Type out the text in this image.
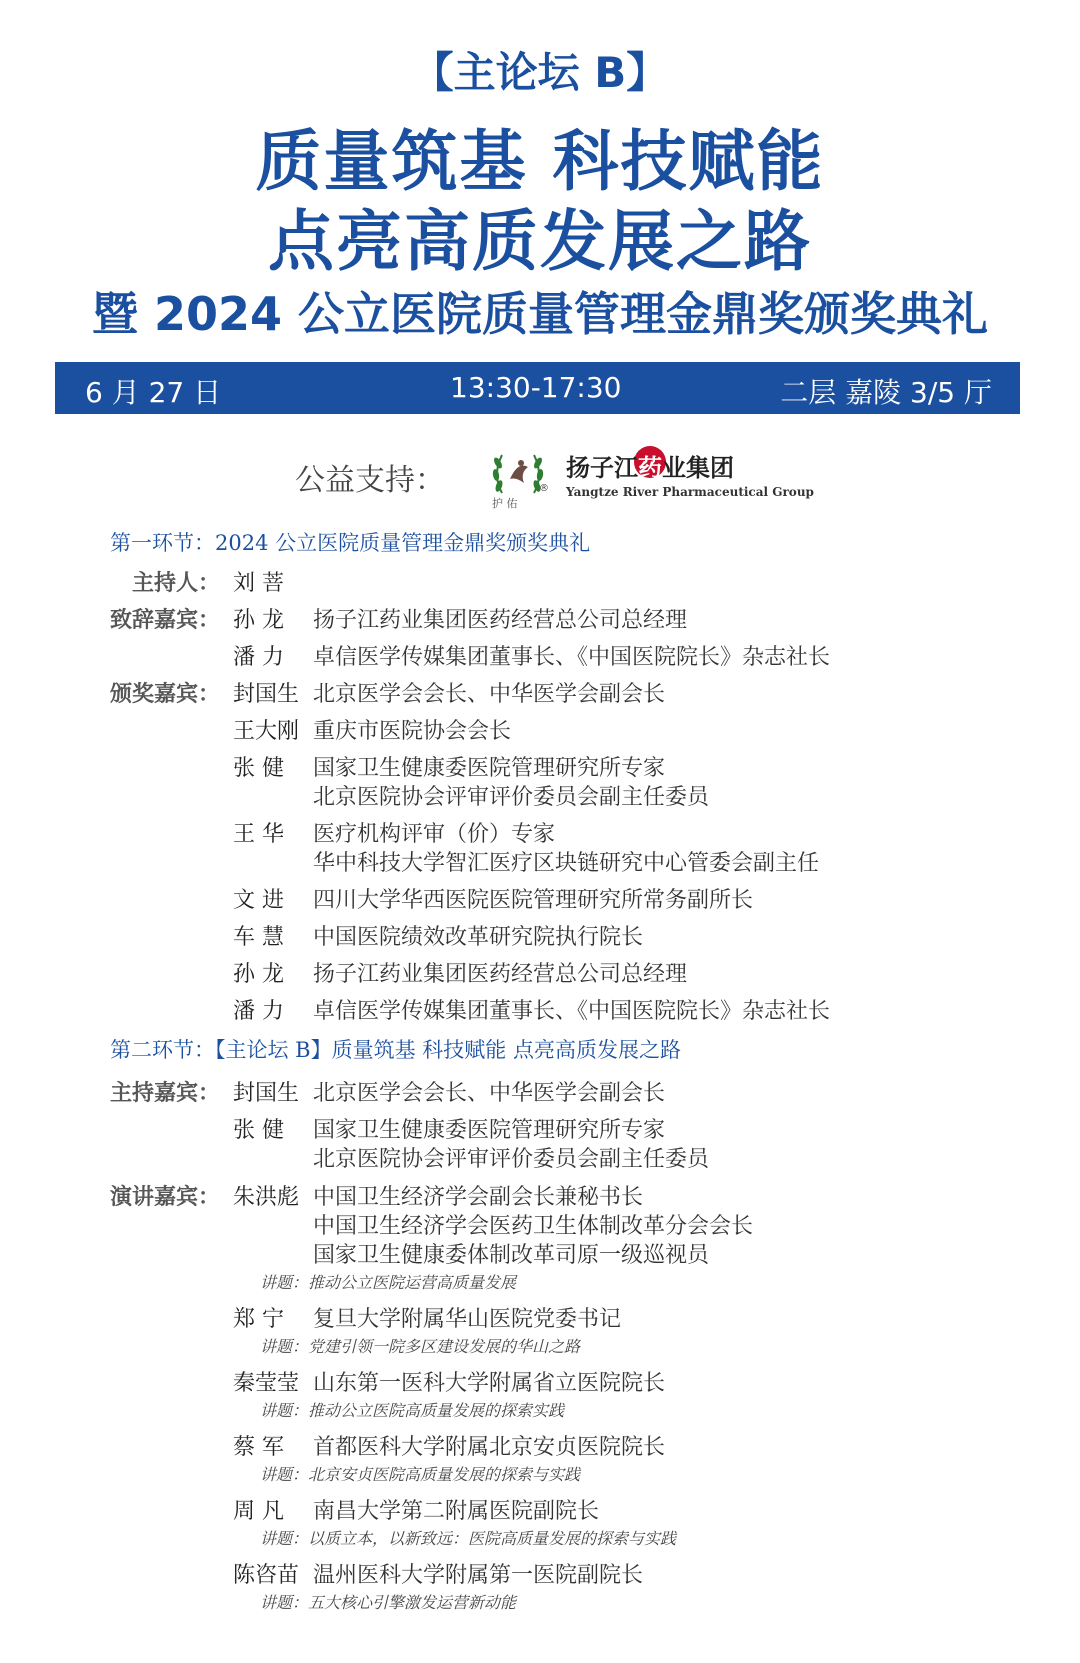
【主论坛 B】
质量筑基 科技赋能
点亮高质发展之路
暨 2024 公立医院质量管理金鼎奖颁奖典礼
6 月 27 日	13:30-17:30	二层 嘉陵 3/5 厅
公益支持：
护 佑
®
扬子江
药业集团
Yangtze River Pharmaceutical Group
第一环节：2024 公立医院质量管理金鼎奖颁奖典礼
主持人： 刘 菩
致辞嘉宾： 孙 龙 扬子江药业集团医药经营总公司总经理
潘 力 卓信医学传媒集团董事长、《中国医院院长》杂志社长
颁奖嘉宾： 封国生 北京医学会会长、中华医学会副会长
王大刚 重庆市医院协会会长
张 健 国家卫生健康委医院管理研究所专家
北京医院协会评审评价委员会副主任委员
王 华 医疗机构评审（价）专家
华中科技大学智汇医疗区块链研究中心管委会副主任
文 进 四川大学华西医院医院管理研究所常务副所长
车 慧 中国医院绩效改革研究院执行院长
孙 龙 扬子江药业集团医药经营总公司总经理
潘 力 卓信医学传媒集团董事长、《中国医院院长》杂志社长
第二环节：【主论坛 B】质量筑基 科技赋能 点亮高质发展之路
主持嘉宾： 封国生 北京医学会会长、中华医学会副会长
张 健 国家卫生健康委医院管理研究所专家
北京医院协会评审评价委员会副主任委员
演讲嘉宾： 朱洪彪 中国卫生经济学会副会长兼秘书长
中国卫生经济学会医药卫生体制改革分会会长
国家卫生健康委体制改革司原一级巡视员
讲题：推动公立医院运营高质量发展
郑 宁 复旦大学附属华山医院党委书记
讲题：党建引领一院多区建设发展的华山之路
秦莹莹 山东第一医科大学附属省立医院院长
讲题：推动公立医院高质量发展的探索实践
蔡 军 首都医科大学附属北京安贞医院院长
讲题：北京安贞医院高质量发展的探索与实践
周 凡 南昌大学第二附属医院副院长
讲题：以质立本，以新致远：医院高质量发展的探索与实践
陈咨苗 温州医科大学附属第一医院副院长
讲题：五大核心引擎激发运营新动能
